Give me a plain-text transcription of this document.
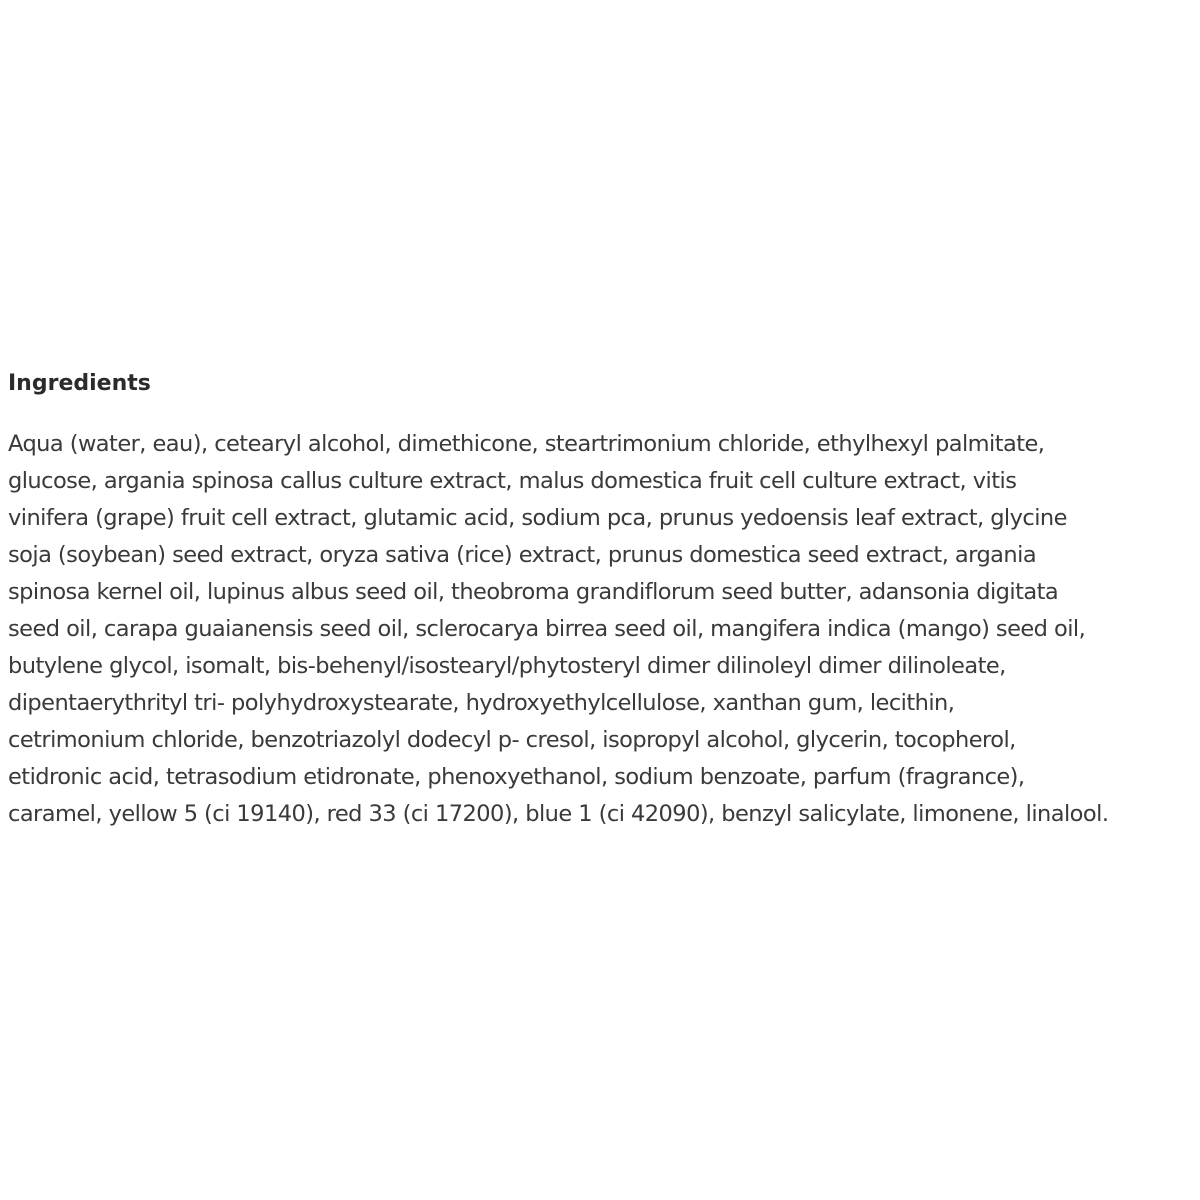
Ingredients
Aqua (water, eau), cetearyl alcohol, dimethicone, steartrimonium chloride, ethylhexyl palmitate,
glucose, argania spinosa callus culture extract, malus domestica fruit cell culture extract, vitis
vinifera (grape) fruit cell extract, glutamic acid, sodium pca, prunus yedoensis leaf extract, glycine
soja (soybean) seed extract, oryza sativa (rice) extract, prunus domestica seed extract, argania
spinosa kernel oil, lupinus albus seed oil, theobroma grandiflorum seed butter, adansonia digitata
seed oil, carapa guaianensis seed oil, sclerocarya birrea seed oil, mangifera indica (mango) seed oil,
butylene glycol, isomalt, bis-behenyl/isostearyl/phytosteryl dimer dilinoleyl dimer dilinoleate,
dipentaerythrityl tri- polyhydroxystearate, hydroxyethylcellulose, xanthan gum, lecithin,
cetrimonium chloride, benzotriazolyl dodecyl p- cresol, isopropyl alcohol, glycerin, tocopherol,
etidronic acid, tetrasodium etidronate, phenoxyethanol, sodium benzoate, parfum (fragrance),
caramel, yellow 5 (ci 19140), red 33 (ci 17200), blue 1 (ci 42090), benzyl salicylate, limonene, linalool.
